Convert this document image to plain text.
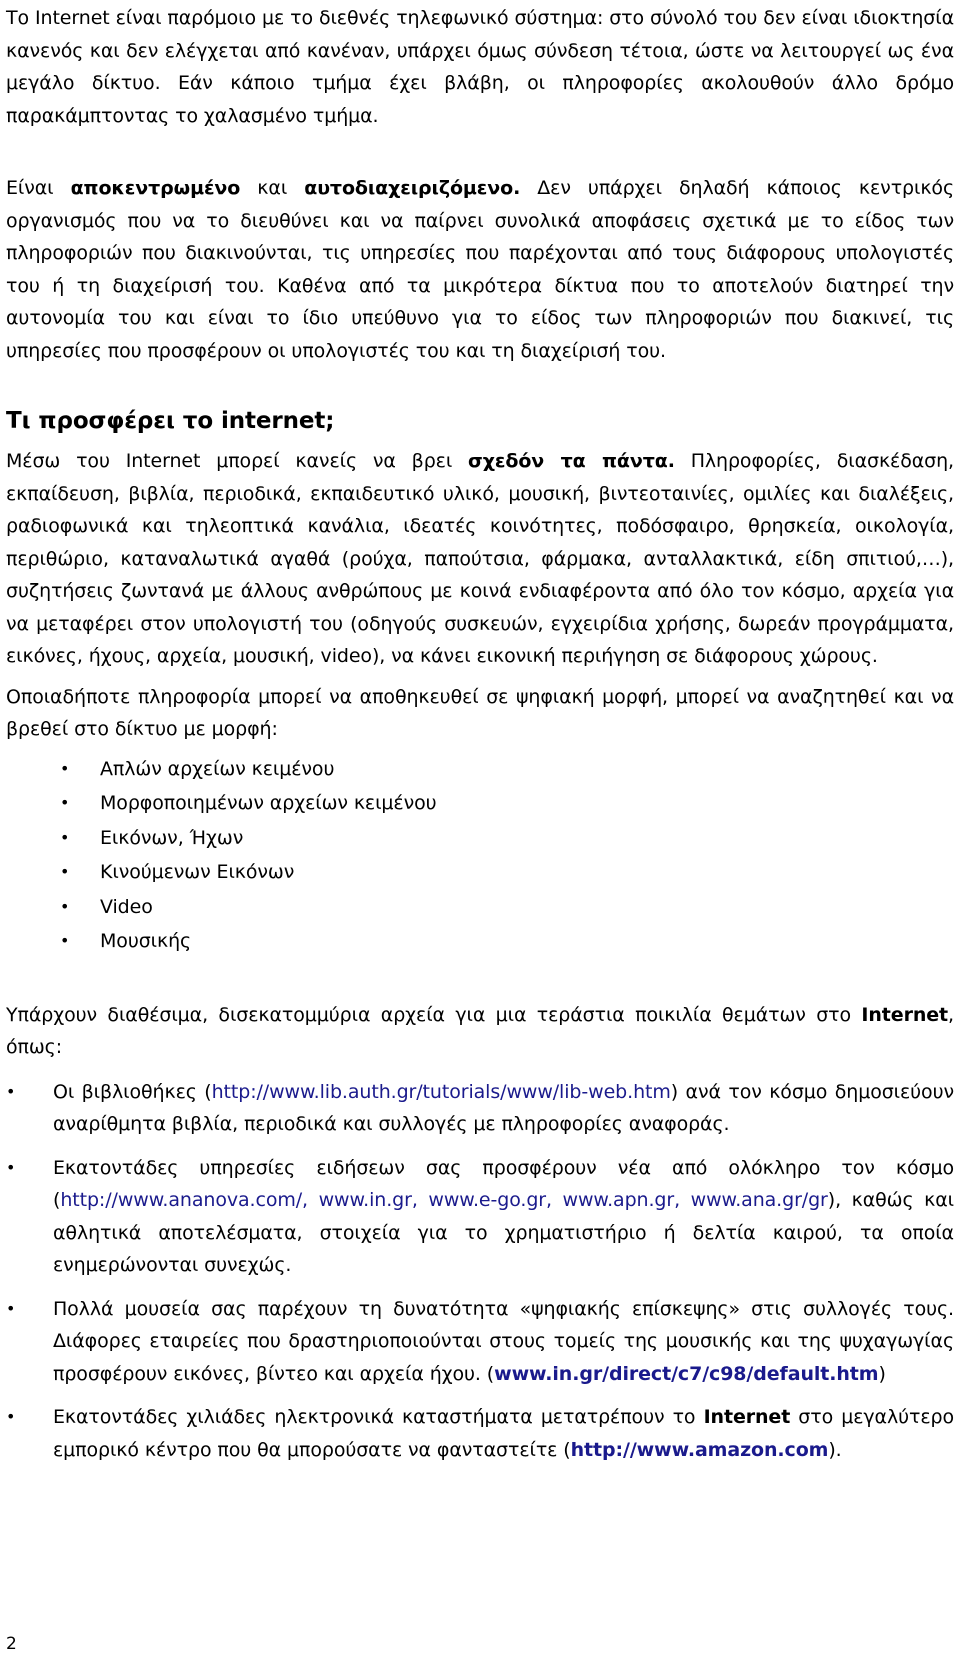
Το Internet είναι παρόμοιο με το διεθνές τηλεφωνικό σύστημα: στο σύνολό του δεν είναι ιδιοκτησία κανενός και δεν ελέγχεται από κανέναν, υπάρχει όμως σύνδεση τέτοια, ώστε να λειτουργεί ως ένα μεγάλο δίκτυο. Εάν κάποιο τμήμα έχει βλάβη, οι πληροφορίες ακολουθούν άλλο δρόμο παρακάμπτοντας το χαλασμένο τμήμα.

Είναι αποκεντρωμένο και αυτοδιαχειριζόμενο. Δεν υπάρχει δηλαδή κάποιος κεντρικός οργανισμός που να το διευθύνει και να παίρνει συνολικά αποφάσεις σχετικά με το είδος των πληροφοριών που διακινούνται, τις υπηρεσίες που παρέχονται από τους διάφορους υπολογιστές του ή τη διαχείρισή του. Καθένα από τα μικρότερα δίκτυα που το αποτελούν διατηρεί την αυτονομία του και είναι το ίδιο υπεύθυνο για το είδος των πληροφοριών που διακινεί, τις υπηρεσίες που προσφέρουν οι υπολογιστές του και τη διαχείρισή του.

Τι προσφέρει το internet;

Μέσω του Internet μπορεί κανείς να βρει σχεδόν τα πάντα. Πληροφορίες, διασκέδαση, εκπαίδευση, βιβλία, περιοδικά, εκπαιδευτικό υλικό, μουσική, βιντεοταινίες, ομιλίες και διαλέξεις, ραδιοφωνικά και τηλεοπτικά κανάλια, ιδεατές κοινότητες, ποδόσφαιρο, θρησκεία, οικολογία, περιθώριο, καταναλωτικά αγαθά (ρούχα, παπούτσια, φάρμακα, ανταλλακτικά, είδη σπιτιού,…), συζητήσεις ζωντανά με άλλους ανθρώπους με κοινά ενδιαφέροντα από όλο τον κόσμο, αρχεία για να μεταφέρει στον υπολογιστή του (οδηγούς συσκευών, εγχειρίδια χρήσης, δωρεάν προγράμματα, εικόνες, ήχους, αρχεία, μουσική, video), να κάνει εικονική περιήγηση σε διάφορους χώρους.

Οποιαδήποτε πληροφορία μπορεί να αποθηκευθεί σε ψηφιακή μορφή, μπορεί να αναζητηθεί και να βρεθεί στο δίκτυο με μορφή:

• Απλών αρχείων κειμένου
• Μορφοποιημένων αρχείων κειμένου
• Εικόνων, Ήχων
• Κινούμενων Εικόνων
• Video
• Μουσικής

Υπάρχουν διαθέσιμα, δισεκατομμύρια αρχεία για μια τεράστια ποικιλία θεμάτων στο Internet, όπως:

• Οι βιβλιοθήκες (http://www.lib.auth.gr/tutorials/www/lib-web.htm) ανά τον κόσμο δημοσιεύουν αναρίθμητα βιβλία, περιοδικά και συλλογές με πληροφορίες αναφοράς.
• Εκατοντάδες υπηρεσίες ειδήσεων σας προσφέρουν νέα από ολόκληρο τον κόσμο (http://www.ananova.com/, www.in.gr, www.e-go.gr, www.apn.gr, www.ana.gr/gr), καθώς και αθλητικά αποτελέσματα, στοιχεία για το χρηματιστήριο ή δελτία καιρού, τα οποία ενημερώνονται συνεχώς.
• Πολλά μουσεία σας παρέχουν τη δυνατότητα «ψηφιακής επίσκεψης» στις συλλογές τους. Διάφορες εταιρείες που δραστηριοποιούνται στους τομείς της μουσικής και της ψυχαγωγίας προσφέρουν εικόνες, βίντεο και αρχεία ήχου. (www.in.gr/direct/c7/c98/default.htm)
• Εκατοντάδες χιλιάδες ηλεκτρονικά καταστήματα μετατρέπουν το Internet στο μεγαλύτερο εμπορικό κέντρο που θα μπορούσατε να φανταστείτε (http://www.amazon.com).
2
